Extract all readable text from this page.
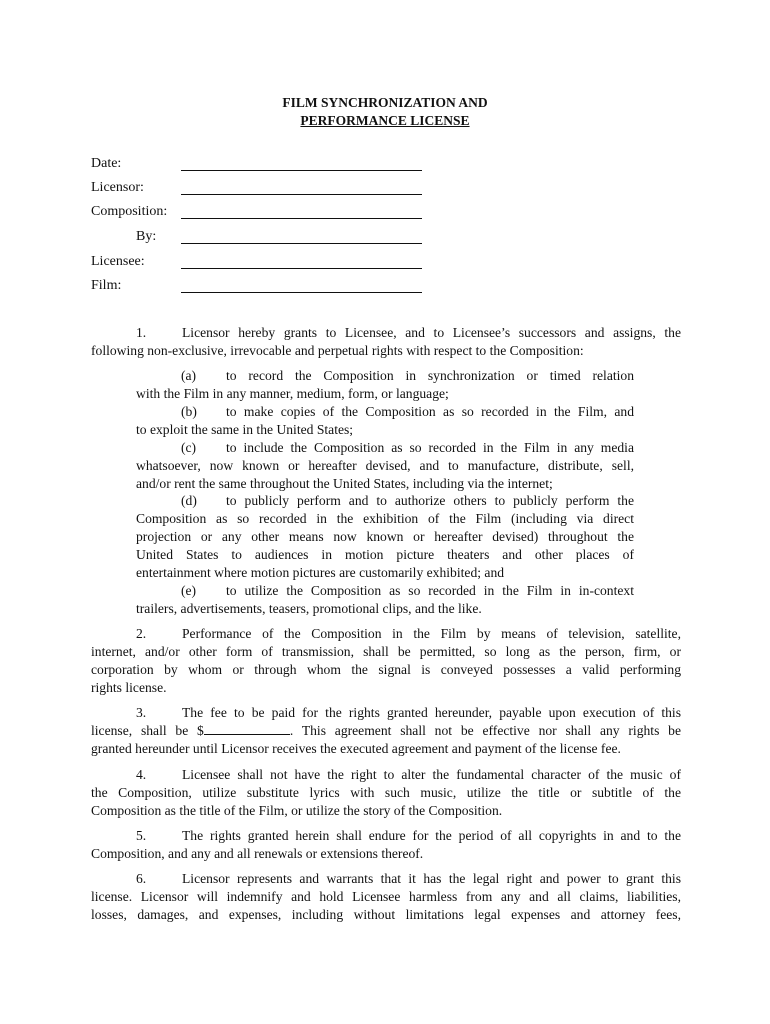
FILM SYNCHRONIZATION AND
PERFORMANCE LICENSE
Date:
Licensor:
Composition:
By:
Licensee:
Film:
1.	Licensor hereby grants to Licensee, and to Licensee’s successors and assigns, the
following non-exclusive, irrevocable and perpetual rights with respect to the Composition:
(a) to record the Composition in synchronization or timed relation
with the Film in any manner, medium, form, or language;
(b) to make copies of the Composition as so recorded in the Film, and
to exploit the same in the United States;
(c) to include the Composition as so recorded in the Film in any media
whatsoever, now known or hereafter devised, and to manufacture, distribute, sell,
and/or rent the same throughout the United States, including via the internet;
(d) to publicly perform and to authorize others to publicly perform the
Composition as so recorded in the exhibition of the Film (including via direct
projection or any other means now known or hereafter devised) throughout the
United States to audiences in motion picture theaters and other places of
entertainment where motion pictures are customarily exhibited; and
(e) to utilize the Composition as so recorded in the Film in in-context
trailers, advertisements, teasers, promotional clips, and the like.
2.	Performance of the Composition in the Film by means of television, satellite,
internet, and/or other form of transmission, shall be permitted, so long as the person, firm, or
corporation by whom or through whom the signal is conveyed possesses a valid performing
rights license.
3.	The fee to be paid for the rights granted hereunder, payable upon execution of this
license, shall be $	. This agreement shall not be effective nor shall any rights be
granted hereunder until Licensor receives the executed agreement and payment of the license fee.
4.	Licensee shall not have the right to alter the fundamental character of the music of
the Composition, utilize substitute lyrics with such music, utilize the title or subtitle of the
Composition as the title of the Film, or utilize the story of the Composition.
5.	The rights granted herein shall endure for the period of all copyrights in and to the
Composition, and any and all renewals or extensions thereof.
6.	Licensor represents and warrants that it has the legal right and power to grant this
license. Licensor will indemnify and hold Licensee harmless from any and all claims, liabilities,
losses, damages, and expenses, including without limitations legal expenses and attorney fees,
